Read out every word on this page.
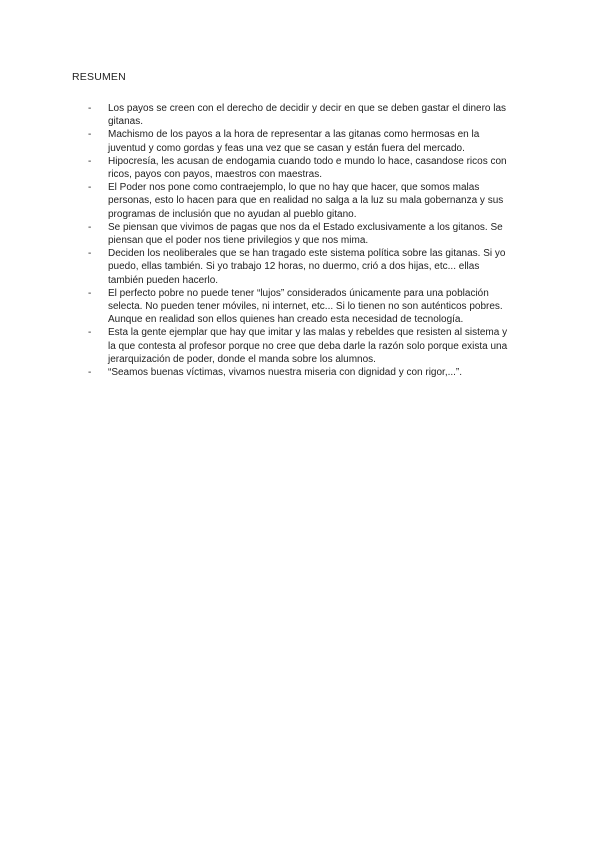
RESUMEN
- Los payos se creen con el derecho de decidir y decir en que se deben gastar el dinero las gitanas.
- Machismo de los payos a la hora de representar a las gitanas como hermosas en la juventud y como gordas y feas una vez que se casan y están fuera del mercado.
- Hipocresía, les acusan de endogamia cuando todo e mundo lo hace, casandose ricos con ricos, payos con payos, maestros con maestras.
- El Poder nos pone como contraejemplo, lo que no hay que hacer, que somos malas personas, esto lo hacen para que en realidad no salga a la luz su mala gobernanza y sus programas de inclusión que no ayudan al pueblo gitano.
- Se piensan que vivimos de pagas que nos da el Estado exclusivamente a los gitanos. Se piensan que el poder nos tiene privilegios y que nos mima.
- Deciden los neoliberales que se han tragado este sistema política sobre las gitanas. Si yo puedo, ellas también. Si yo trabajo 12 horas, no duermo, crió a dos hijas, etc... ellas también pueden hacerlo.
- El perfecto pobre no puede tener “lujos” considerados únicamente para una población selecta. No pueden tener móviles, ni internet, etc... Si lo tienen no son auténticos pobres. Aunque en realidad son ellos quienes han creado esta necesidad de tecnología.
- Esta la gente ejemplar que hay que imitar y las malas y rebeldes que resisten al sistema y la que contesta al profesor porque no cree que deba darle la razón solo porque exista una jerarquización de poder, donde el manda sobre los alumnos.
- “Seamos buenas víctimas, vivamos nuestra miseria con dignidad y con rigor,...”.
